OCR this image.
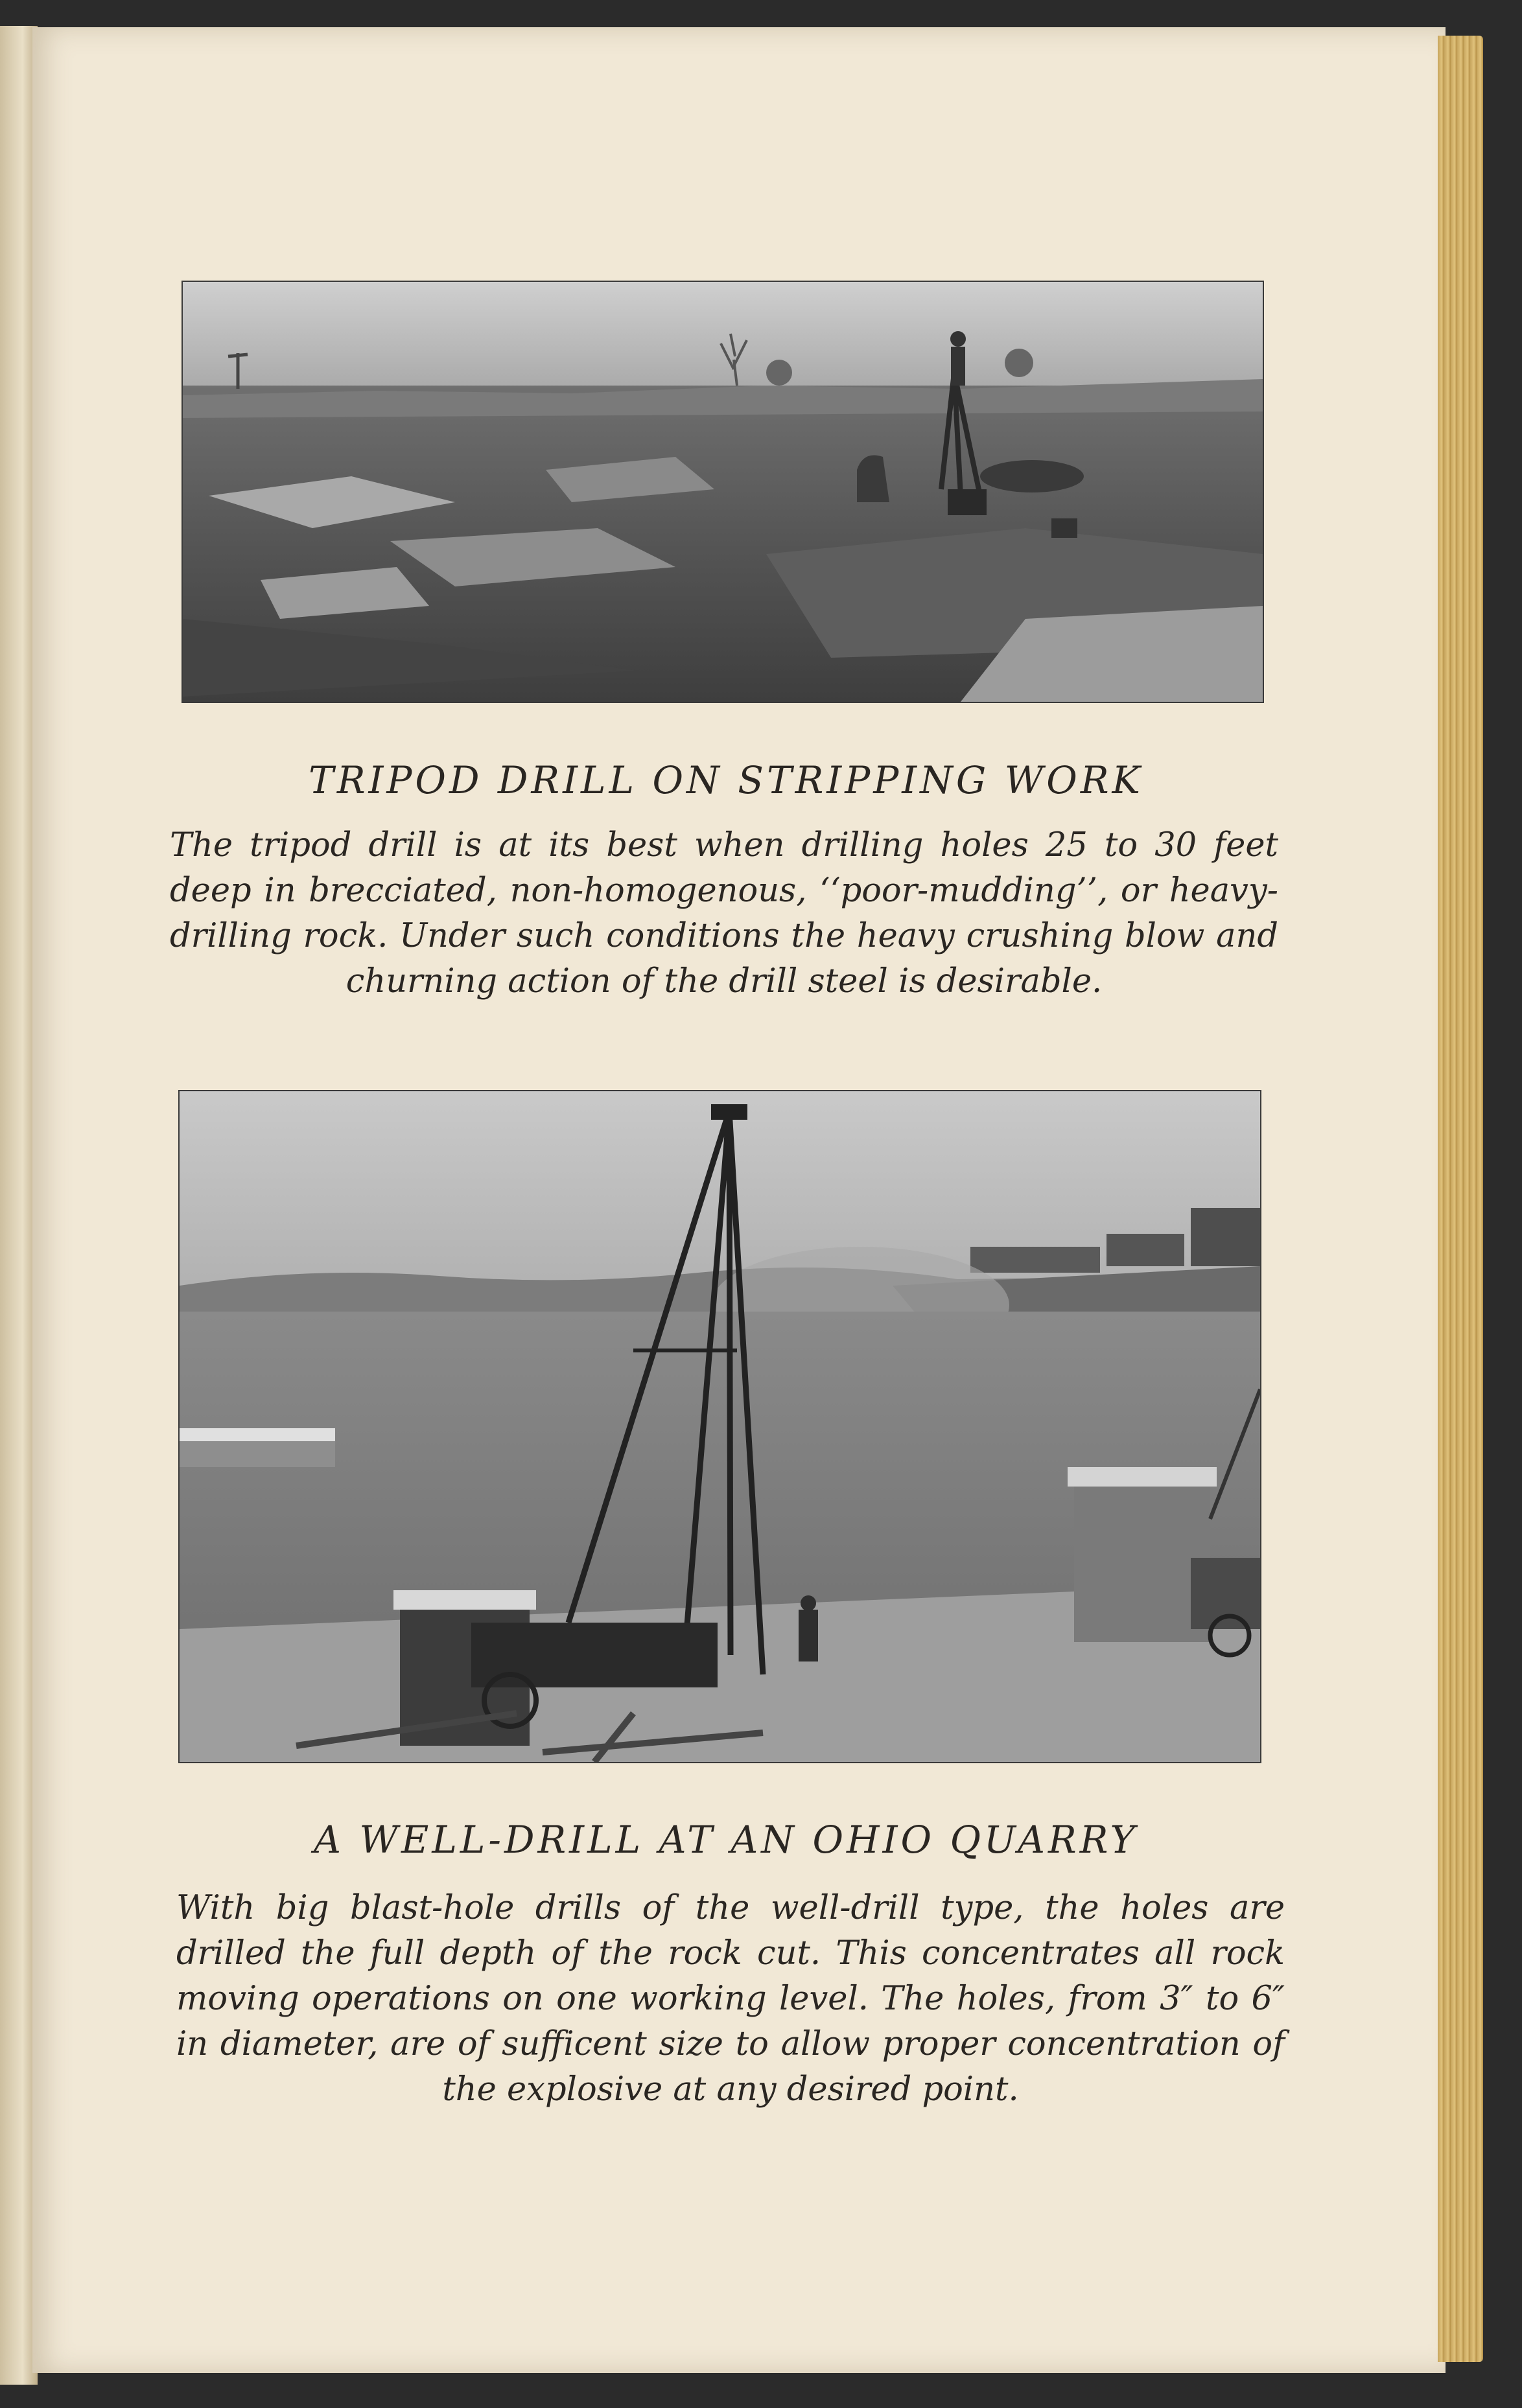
TRIPOD DRILL ON STRIPPING WORK
The tripod drill is at its best when drilling holes 25 to 30 feet deep in brecciated, non-homogenous, ‘‘poor-mudding’’, or heavy-drilling rock. Under such conditions the heavy crushing blow and churning action of the drill steel is desirable.
A WELL-DRILL AT AN OHIO QUARRY
With big blast-hole drills of the well-drill type, the holes are drilled the full depth of the rock cut. This concentrates all rock moving operations on one working level. The holes, from 3″ to 6″ in diameter, are of sufficent size to allow proper concentration of the explosive at any desired point.
